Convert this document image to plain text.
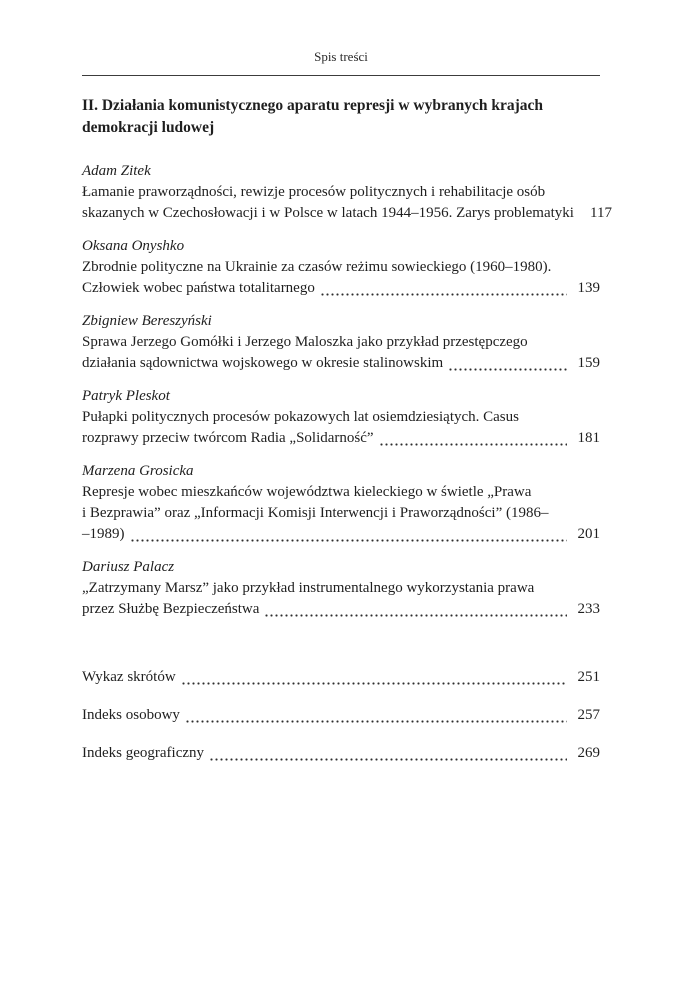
Spis treści
II. Działania komunistycznego aparatu represji w wybranych krajach
demokracji ludowej
Adam Zitek
Łamanie praworządności, rewizje procesów politycznych i rehabilitacje osób
skazanych w Czechosłowacji i w Polsce w latach 1944–1956. Zarys problematyki 117
Oksana Onyshko
Zbrodnie polityczne na Ukrainie za czasów reżimu sowieckiego (1960–1980).
Człowiek wobec państwa totalitarnego	139
Zbigniew Bereszyński
Sprawa Jerzego Gomółki i Jerzego Maloszka jako przykład przestępczego
działania sądownictwa wojskowego w okresie stalinowskim	159
Patryk Pleskot
Pułapki politycznych procesów pokazowych lat osiemdziesiątych. Casus
rozprawy przeciw twórcom Radia „Solidarność”	181
Marzena Grosicka
Represje wobec mieszkańców województwa kieleckiego w świetle „Prawa
i Bezprawia” oraz „Informacji Komisji Interwencji i Praworządności” (1986–
–1989)	201
Dariusz Palacz
„Zatrzymany Marsz” jako przykład instrumentalnego wykorzystania prawa
przez Służbę Bezpieczeństwa	233
Wykaz skrótów	251
Indeks osobowy	257
Indeks geograficzny	269
